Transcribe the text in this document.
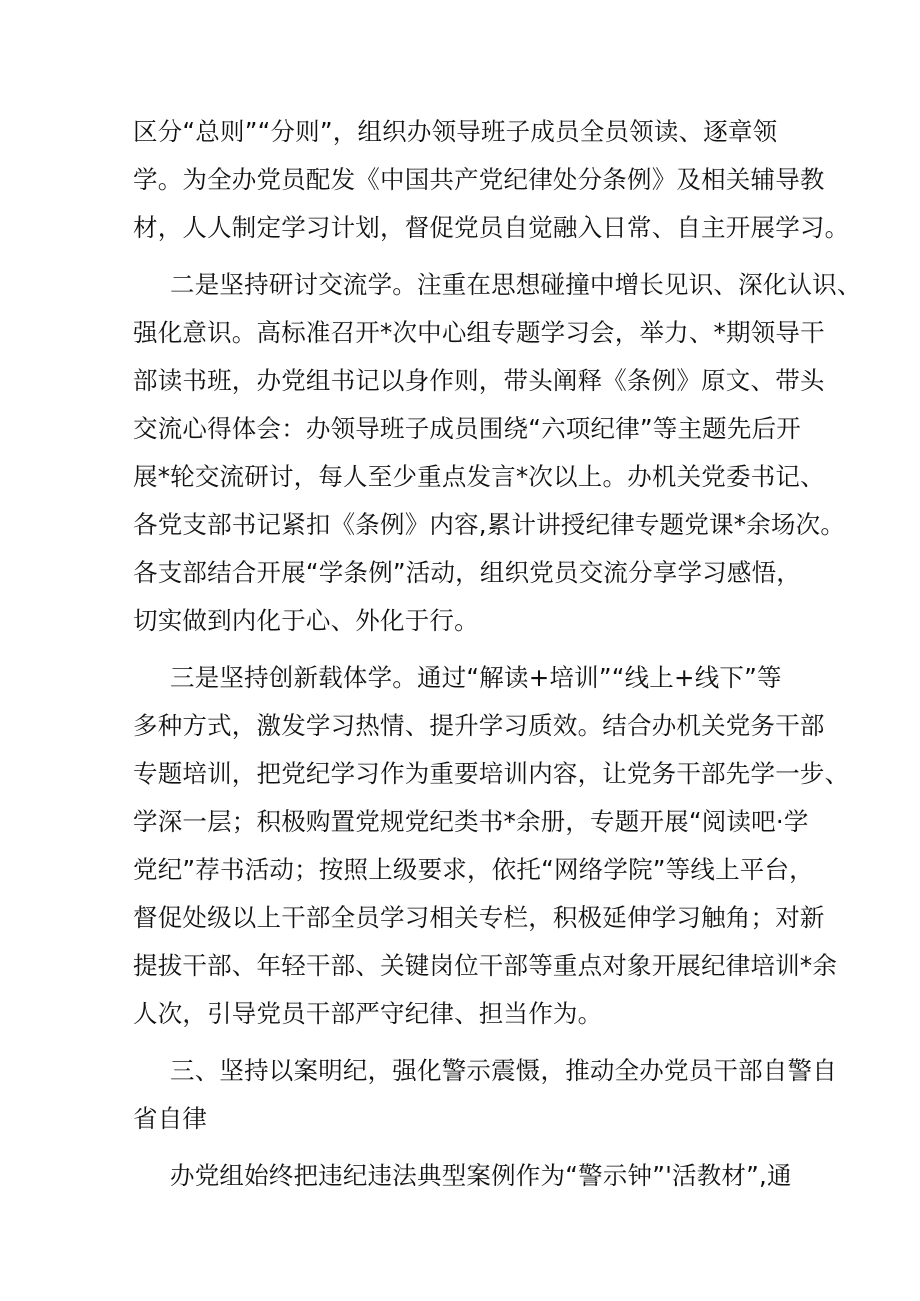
区分“总则”“分则”，组织办领导班子成员全员领读、逐章领
学。为全办党员配发《中国共产党纪律处分条例》及相关辅导教
材，人人制定学习计划，督促党员自觉融入日常、自主开展学习。
二是坚持研讨交流学。注重在思想碰撞中增长见识、深化认识、
强化意识。高标准召开*次中心组专题学习会，举力、*期领导干
部读书班，办党组书记以身作则，带头阐释《条例》原文、带头
交流心得体会：办领导班子成员围绕“六项纪律”等主题先后开
展*轮交流研讨，每人至少重点发言*次以上。办机关党委书记、
各党支部书记紧扣《条例》内容,累计讲授纪律专题党课*余场次。
各支部结合开展“学条例”活动，组织党员交流分享学习感悟，
切实做到内化于心、外化于行。
三是坚持创新载体学。通过“解读+培训”“线上+线下”等
多种方式，激发学习热情、提升学习质效。结合办机关党务干部
专题培训，把党纪学习作为重要培训内容，让党务干部先学一步、
学深一层；积极购置党规党纪类书*余册，专题开展“阅读吧·学
党纪”荐书活动；按照上级要求，依托“网络学院”等线上平台，
督促处级以上干部全员学习相关专栏，积极延伸学习触角；对新
提拔干部、年轻干部、关键岗位干部等重点对象开展纪律培训*余
人次，引导党员干部严守纪律、担当作为。
三、坚持以案明纪，强化警示震慑，推动全办党员干部自警自
省自律
办党组始终把违纪违法典型案例作为“警示钟”'活教材”,通
